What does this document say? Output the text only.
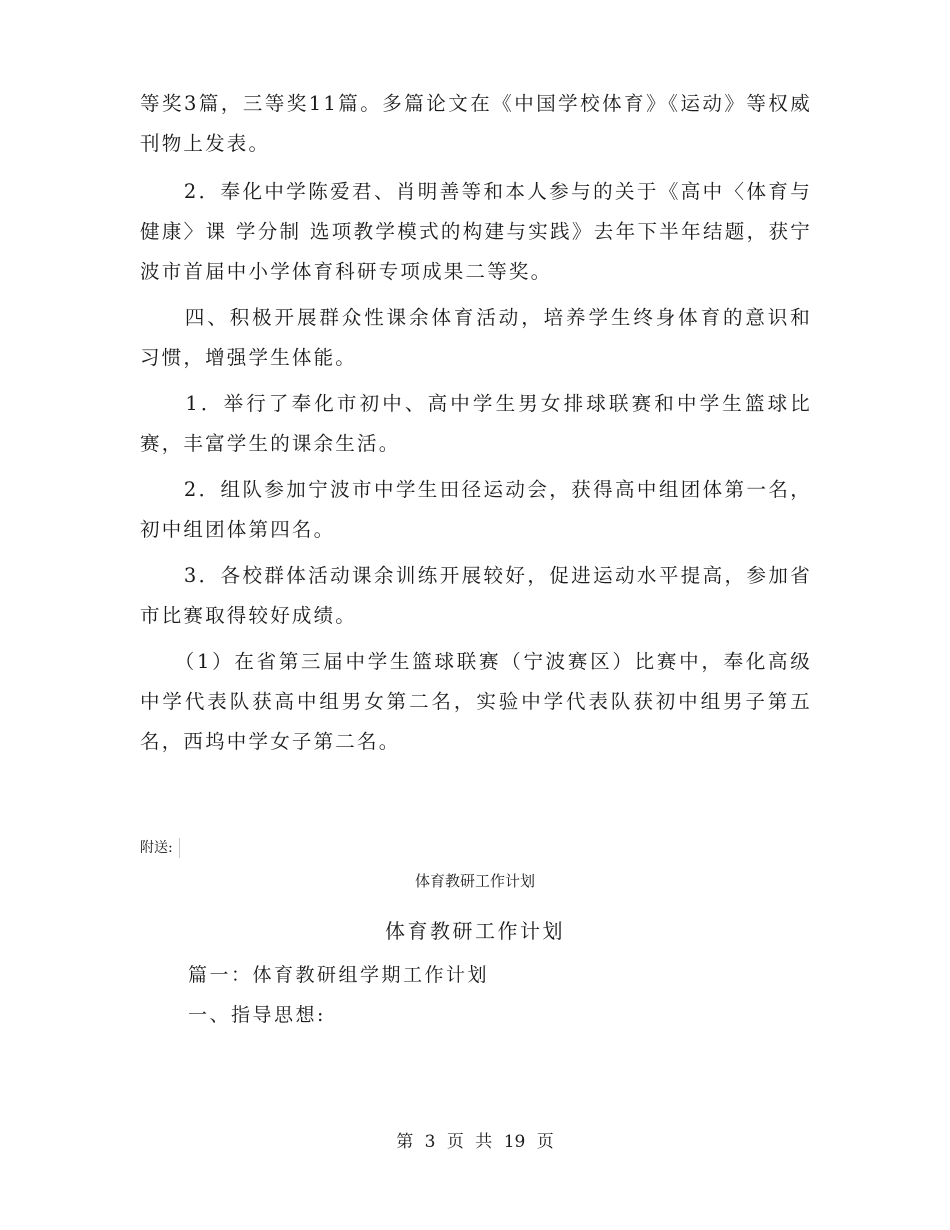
等奖3篇，三等奖11篇。多篇论文在《中国学校体育》《运动》等权威刊物上发表。

　　2．奉化中学陈爱君、肖明善等和本人参与的关于《高中〈体育与健康〉课 学分制 选项教学模式的构建与实践》去年下半年结题，获宁波市首届中小学体育科研专项成果二等奖。

　　四、积极开展群众性课余体育活动，培养学生终身体育的意识和习惯，增强学生体能。

　　1．举行了奉化市初中、高中学生男女排球联赛和中学生篮球比赛，丰富学生的课余生活。

　　2．组队参加宁波市中学生田径运动会，获得高中组团体第一名，初中组团体第四名。

　　3．各校群体活动课余训练开展较好，促进运动水平提高，参加省市比赛取得较好成绩。

　　（1）在省第三届中学生篮球联赛（宁波赛区）比赛中，奉化高级中学代表队获高中组男女第二名，实验中学代表队获初中组男子第五名，西坞中学女子第二名。

附送:
体育教研工作计划
体育教研工作计划
篇一：体育教研组学期工作计划
一、指导思想:
第 3 页 共 19 页
